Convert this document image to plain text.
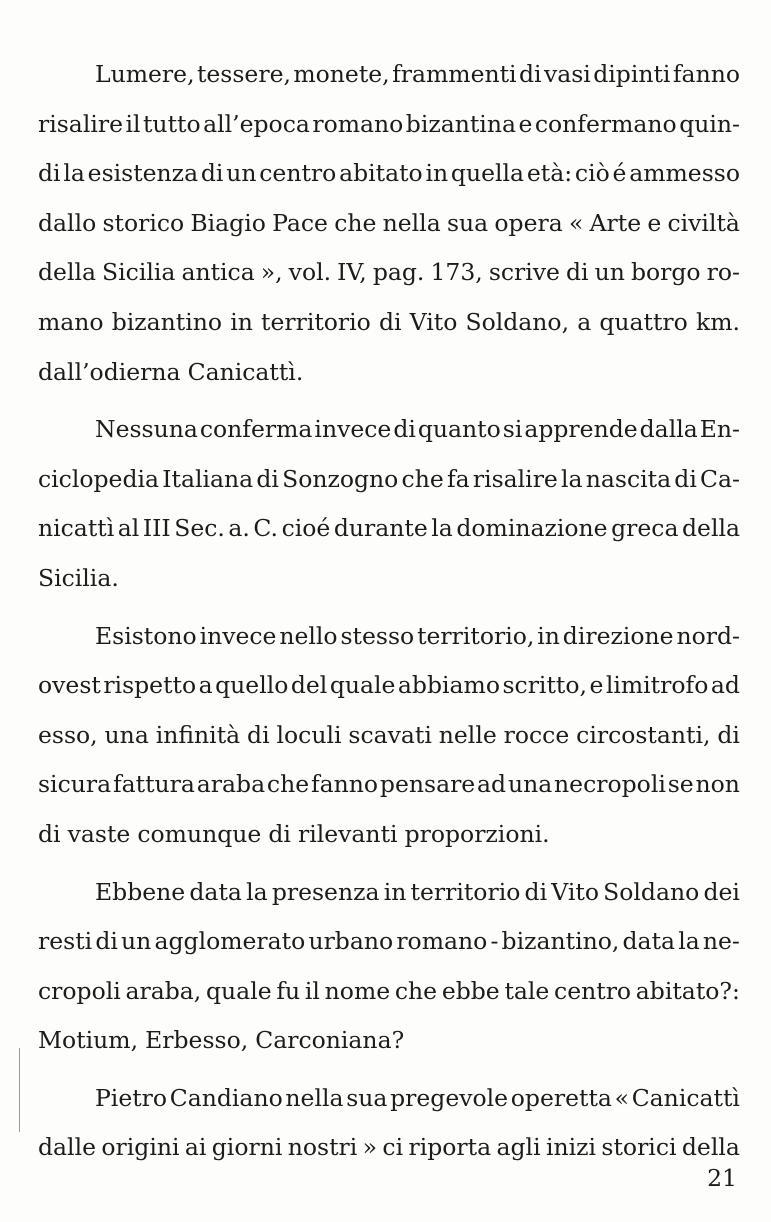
Lumere, tessere, monete, frammenti di vasi dipinti fanno
risalire il tutto all’epoca romano bizantina e confermano quin-
di la esistenza di un centro abitato in quella età: ciò é ammesso
dallo storico Biagio Pace che nella sua opera « Arte e civiltà
della Sicilia antica », vol. IV, pag. 173, scrive di un borgo ro-
mano bizantino in territorio di Vito Soldano, a quattro km.
dall’odierna Canicattì.
Nessuna conferma invece di quanto si apprende dalla En-
ciclopedia Italiana di Sonzogno che fa risalire la nascita di Ca-
nicattì al III Sec. a. C. cioé durante la dominazione greca della
Sicilia.
Esistono invece nello stesso territorio, in direzione nord-
ovest rispetto a quello del quale abbiamo scritto, e limitrofo ad
esso, una infinità di loculi scavati nelle rocce circostanti, di
sicura fattura araba che fanno pensare ad una necropoli se non
di vaste comunque di rilevanti proporzioni.
Ebbene data la presenza in territorio di Vito Soldano dei
resti di un agglomerato urbano romano - bizantino, data la ne-
cropoli araba, quale fu il nome che ebbe tale centro abitato?:
Motium, Erbesso, Carconiana?
Pietro Candiano nella sua pregevole operetta « Canicattì
dalle origini ai giorni nostri » ci riporta agli inizi storici della
21
